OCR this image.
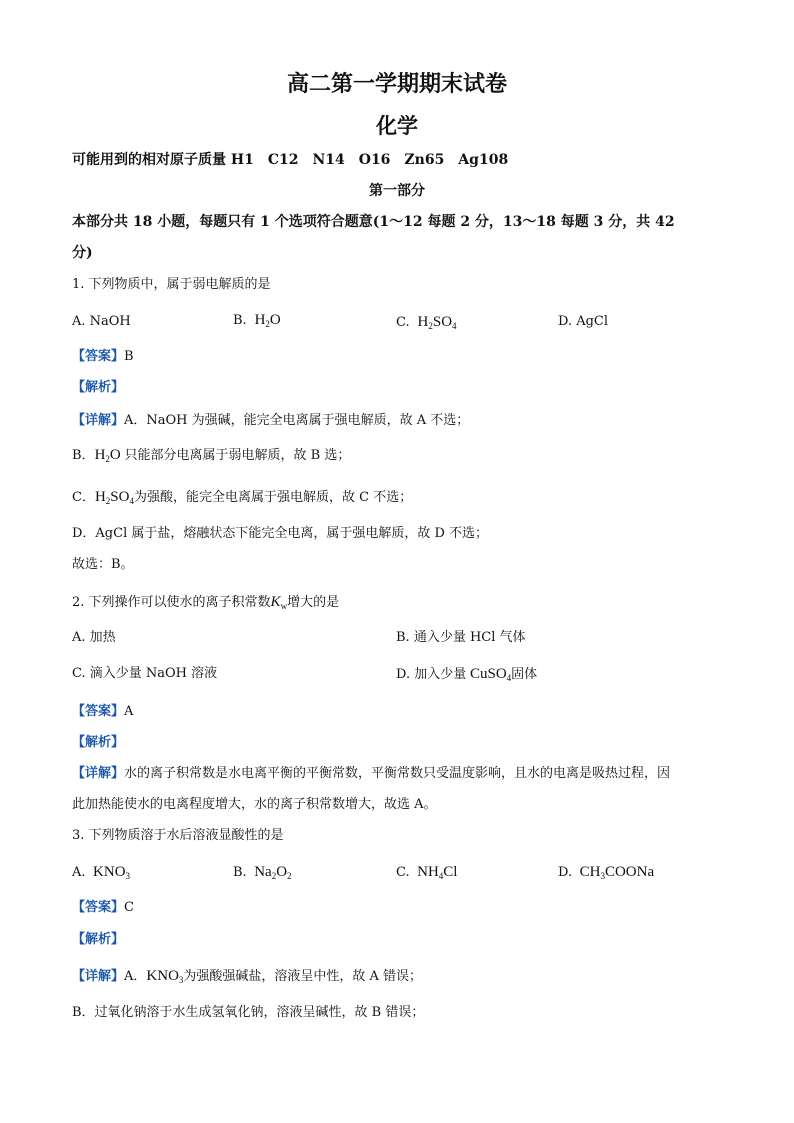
高二第一学期期末试卷
化学
可能用到的相对原子质量 H1　C12　N14　O16　Zn65　Ag108
第一部分
本部分共 18 小题，每题只有 1 个选项符合题意(1～12 每题 2 分，13～18 每题 3 分，共 42
分)
1. 下列物质中，属于弱电解质的是
A. NaOH	B.  $H_2O$	C.  $H_2SO_4$	D. AgCl
【答案】B
【解析】
【详解】A．NaOH 为强碱，能完全电离属于强电解质，故 A 不选；
B．$H_2O$ 只能部分电离属于弱电解质，故 B 选；
C．$H_2SO_4$为强酸，能完全电离属于强电解质，故 C 不选；
D．AgCl 属于盐，熔融状态下能完全电离，属于强电解质，故 D 不选；
故选：B。
2. 下列操作可以使水的离子积常数$K_w$增大的是
A. 加热	B. 通入少量 HCl 气体
C. 滴入少量 NaOH 溶液	D. 加入少量 CuSO$_4$固体
【答案】A
【解析】
【详解】水的离子积常数是水电离平衡的平衡常数，平衡常数只受温度影响，且水的电离是吸热过程，因
此加热能使水的电离程度增大，水的离子积常数增大，故选 A。
3. 下列物质溶于水后溶液显酸性的是
A.  $KNO_3$	B.  $Na_2O_2$	C.  $NH_4Cl$	D.  $CH_3COONa$
【答案】C
【解析】
【详解】A．$KNO_3$为强酸强碱盐，溶液呈中性，故 A 错误；
B．过氧化钠溶于水生成氢氧化钠，溶液呈碱性，故 B 错误；
